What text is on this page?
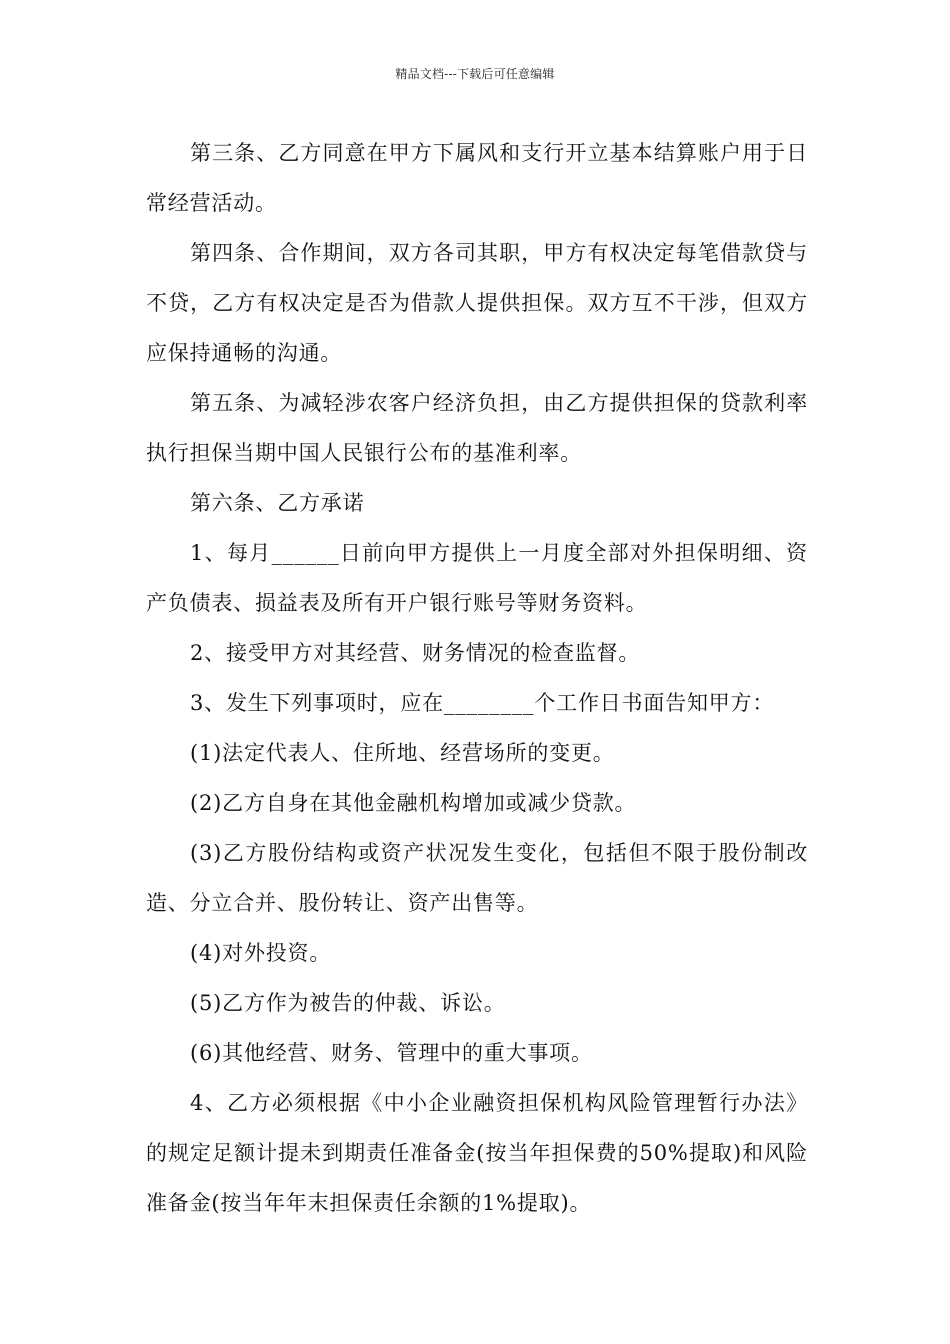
精品文档---下载后可任意编辑

第三条、乙方同意在甲方下属风和支行开立基本结算账户用于日常经营活动。

第四条、合作期间，双方各司其职，甲方有权决定每笔借款贷与不贷，乙方有权决定是否为借款人提供担保。双方互不干涉，但双方应保持通畅的沟通。

第五条、为减轻涉农客户经济负担，由乙方提供担保的贷款利率执行担保当期中国人民银行公布的基准利率。

第六条、乙方承诺

1、每月______日前向甲方提供上一月度全部对外担保明细、资产负债表、损益表及所有开户银行账号等财务资料。

2、接受甲方对其经营、财务情况的检查监督。

3、发生下列事项时，应在________个工作日书面告知甲方：

(1)法定代表人、住所地、经营场所的变更。

(2)乙方自身在其他金融机构增加或减少贷款。

(3)乙方股份结构或资产状况发生变化，包括但不限于股份制改造、分立合并、股份转让、资产出售等。

(4)对外投资。

(5)乙方作为被告的仲裁、诉讼。

(6)其他经营、财务、管理中的重大事项。

4、乙方必须根据《中小企业融资担保机构风险管理暂行办法》的规定足额计提未到期责任准备金(按当年担保费的50%提取)和风险准备金(按当年年末担保责任余额的1%提取)。
